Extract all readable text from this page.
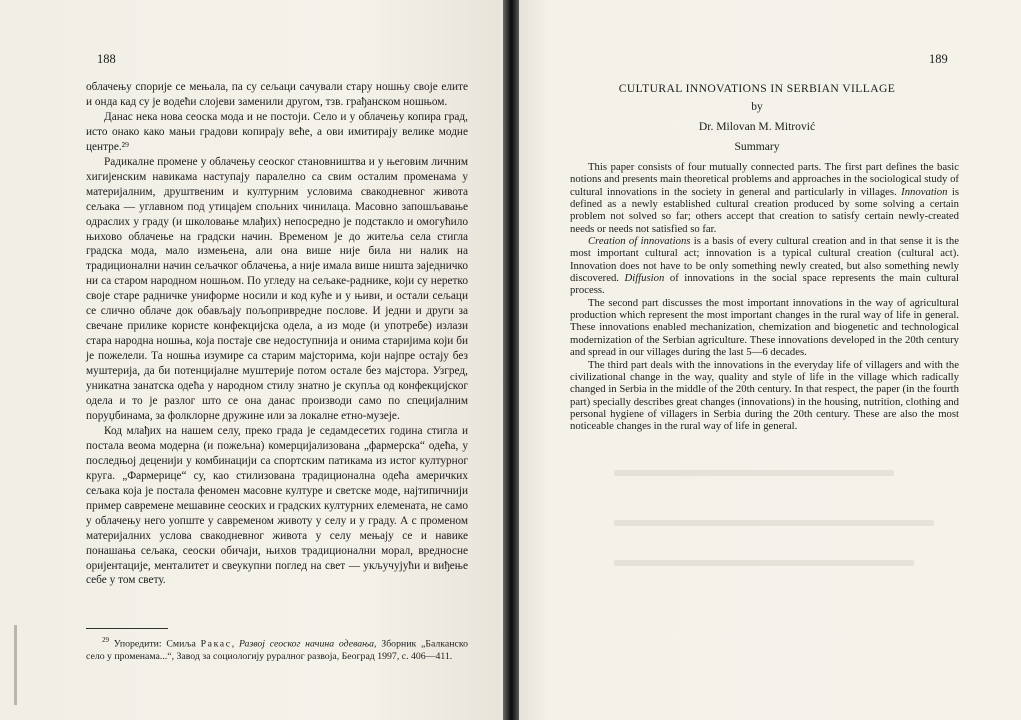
188

облачењу спорије се мењала, па су сељаци сачували стару ношњу своје елите и онда кад су је водећи слојеви заменили другом, тзв. грађанском ношњом.

Данас нека нова сеоска мода и не постоји. Село и у облачењу копира град, исто онако како мањи градови копирају веће, а ови имитирају велике модне центре.²⁹

Радикалне промене у облачењу сеоског становништва и у његовим личним хигијенским навикама наступају паралелно са свим осталим променама у материјалним, друштвеним и културним условима свакодневног живота сељака — углавном под утицајем спољних чинилаца. Масовно запошљавање одраслих у граду (и школовање млађих) непосредно је подстакло и омогућило њихово облачење на градски начин. Временом је до житеља села стигла градска мода, мало измењена, али она више није била ни налик на традиционални начин сељачког облачења, а није имала више ништа заједничко ни са старом народном ношњом. По угледу на сељаке-раднике, који су неретко своје старе радничке униформе носили и код куће и у њиви, и остали сељаци се слично облаче док обављају пољопривредне послове. И једни и други за свечане прилике користе конфекцијска одела, а из моде (и употребе) излази стара народна ношња, која постаје све недоступнија и онима старијима који би је пожелели. Та ношња изумире са старим мајсторима, који најпре остају без муштерија, да би потенцијалне муштерије потом остале без мајстора. Узгред, уникатна занатска одећа у народном стилу знатно је скупља од конфекцијског одела и то је разлог што се она данас производи само по специјалним поруџбинама, за фолклорне дружине или за локалне етно-музеје.

Код млађих на нашем селу, преко града је седамдесетих година стигла и постала веома модерна (и пожељна) комерцијализована „фармерска“ одећа, у последњој деценији у комбинацији са спортским патикама из истог културног круга. „Фармерице“ су, као стилизована традиционална одећа америчких сељака која је постала феномен масовне културе и светске моде, најтипичнији пример савремене мешавине сеоских и градских културних елемената, не само у облачењу него уопште у савременом животу у селу и у граду. А с променом материјалних услова свакодневног живота у селу мењају се и навике понашања сељака, сеоски обичаји, њихов традиционални морал, вредносне оријентације, менталитет и свеукупни поглед на свет — укључујући и виђење себе у том свету.

$^{29}$ Упоредити: Смиља Ракас, Развој сеоског начина одевања, Зборник „Балканско село у променама...“, Завод за социологију руралног развоја, Београд 1997, с. 406—411.

189

CULTURAL INNOVATIONS IN SERBIAN VILLAGE

by

Dr. Milovan M. Mitrović

Summary

This paper consists of four mutually connected parts. The first part defines the basic notions and presents main theoretical problems and approaches in the sociological study of cultural innovations in the society in general and particularly in villages. Innovation is defined as a newly established cultural creation produced by some solving a certain problem not solved so far; others accept that creation to satisfy certain newly-created needs or needs not satisfied so far.

Creation of innovations is a basis of every cultural creation and in that sense it is the most important cultural act; innovation is a typical cultural creation (cultural act). Innovation does not have to be only something newly created, but also something newly discovered. Diffusion of innovations in the social space represents the main cultural process.

The second part discusses the most important innovations in the way of agricultural production which represent the most important changes in the rural way of life in general. These innovations enabled mechanization, chemization and biogenetic and technological modernization of the Serbian agriculture. These innovations developed in the 20th century and spread in our villages during the last 5—6 decades.

The third part deals with the innovations in the everyday life of villagers and with the civilizational change in the way, quality and style of life in the village which radically changed in Serbia in the middle of the 20th century. In that respect, the paper (in the fourth part) specially describes great changes (innovations) in the housing, nutrition, clothing and personal hygiene of villagers in Serbia during the 20th century. These are also the most noticeable changes in the rural way of life in general.
